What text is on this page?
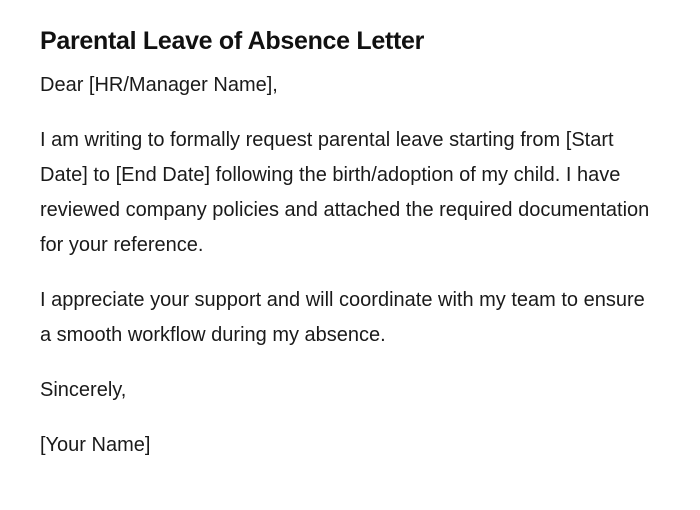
Parental Leave of Absence Letter

Dear [HR/Manager Name],

I am writing to formally request parental leave starting from [Start Date] to [End Date] following the birth/adoption of my child. I have reviewed company policies and attached the required documentation for your reference.

I appreciate your support and will coordinate with my team to ensure a smooth workflow during my absence.

Sincerely,

[Your Name]
